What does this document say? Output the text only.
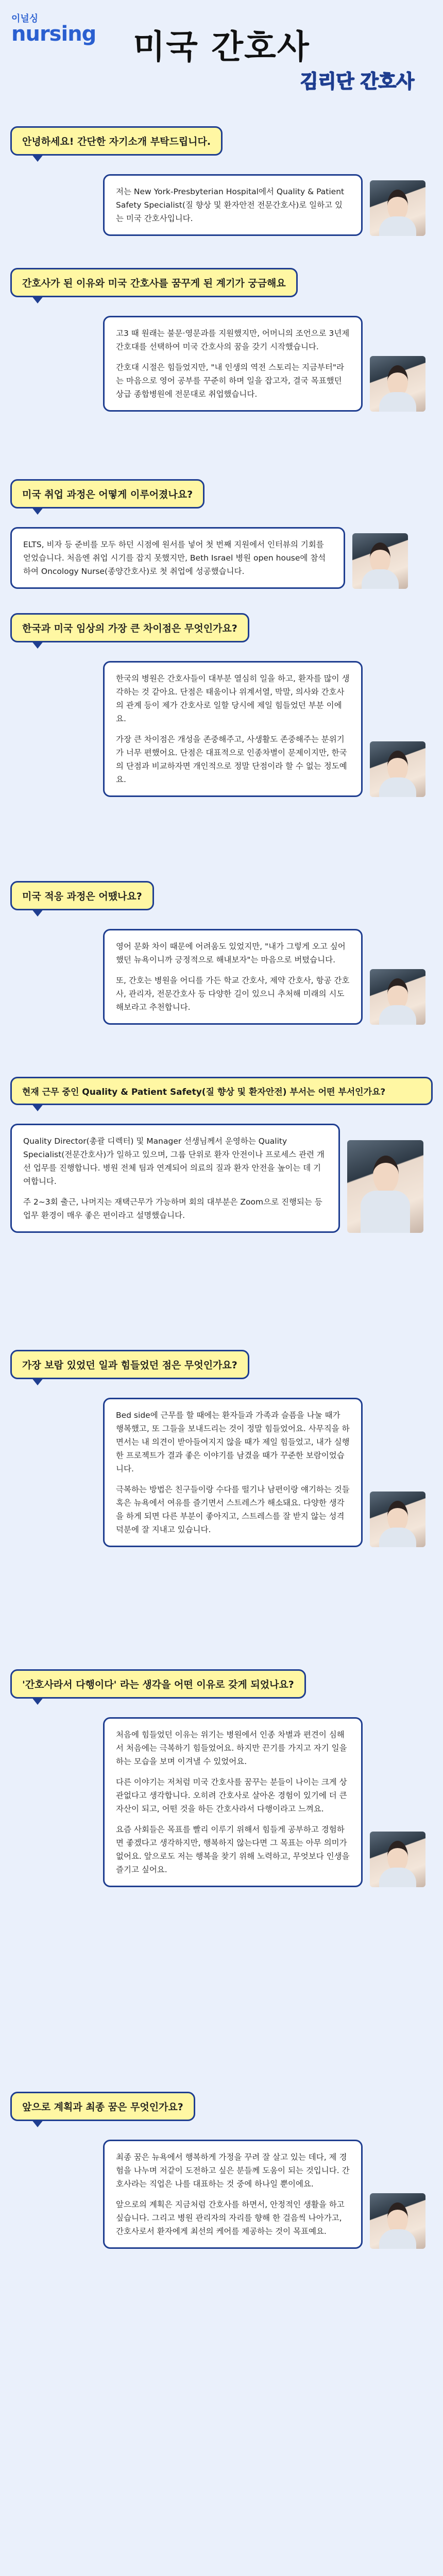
이널싱
nursing	미국 간호사
김리단 간호사
안녕하세요! 간단한 자기소개 부탁드립니다.

저는 New York-Presbyterian Hospital에서 Quality & Patient Safety Specialist(질 향상 및 환자안전 전문간호사)로 일하고 있는 미국 간호사입니다.

간호사가 된 이유와 미국 간호사를 꿈꾸게 된 계기가 궁금해요

고3 때 원래는 불문·영문과를 지원했지만, 어머니의 조언으로 3년제 간호대를 선택하여 미국 간호사의 꿈을 갖기 시작했습니다.

간호대 시절은 힘들었지만, "내 인생의 역전 스토리는 지금부터"라는 마음으로 영어 공부를 꾸준히 하며 일을 잡고자, 결국 목표했던 상급 종합병원에 전문대로 취업했습니다.

미국 취업 과정은 어떻게 이루어졌나요?

ELTS, 비자 등 준비를 모두 하던 시점에 원서를 넣어 첫 번째 지원에서 인터뷰의 기회를 얻었습니다. 처음엔 취업 시기를 잡지 못했지만, Beth Israel 병원 open house에 참석하여 Oncology Nurse(종양간호사)로 첫 취업에 성공했습니다.

한국과 미국 임상의 가장 큰 차이점은 무엇인가요?

한국의 병원은 간호사들이 대부분 열심히 일을 하고, 환자를 많이 생각하는 것 같아요. 단점은 태움이나 위계서열, 막말, 의사와 간호사의 관계 등이 제가 간호사로 일할 당시에 제일 힘들었던 부분 이에요.

가장 큰 차이점은 개성을 존중해주고, 사생활도 존중해주는 분위기가 너무 편했어요. 단점은 대표적으로 인종차별이 문제이지만, 한국의 단점과 비교하자면 개인적으로 정말 단점이라 할 수 없는 정도예요.

미국 적응 과정은 어땠나요?

영어 문화 차이 때문에 어려움도 있었지만, "내가 그렇게 오고 싶어 했던 뉴욕이니까 긍정적으로 해내보자"는 마음으로 버텼습니다.

또, 간호는 병원을 어디를 가든 학교 간호사, 제약 간호사, 항공 간호사, 관리자, 전문간호사 등 다양한 길이 있으니 추처해 미래의 시도해보라고 추천합니다.

현재 근무 중인 Quality & Patient Safety(질 향상 및 환자안전) 부서는 어떤 부서인가요?

Quality Director(총괄 디렉터) 및 Manager 선생님께서 운영하는 Quality Specialist(전문간호사)가 일하고 있으며, 그룹 단위로 환자 안전이나 프로세스 관련 개선 업무를 진행합니다. 병원 전체 팀과 연계되어 의료의 질과 환자 안전을 높이는 데 기여합니다.

주 2~3회 출근, 나머지는 재택근무가 가능하며 회의 대부분은 Zoom으로 진행되는 등 업무 환경이 매우 좋은 편이라고 설명했습니다.

가장 보람 있었던 일과 힘들었던 점은 무엇인가요?

Bed side에 근무를 할 때에는 환자들과 가족과 슬픔을 나눌 때가 행복했고, 또 그들을 보내드리는 것이 정말 힘들었어요. 사무직을 하면서는 내 의견이 받아들여지지 않을 때가 제일 힘들었고, 내가 실행한 프로젝트가 결과 좋은 이야기를 남겼을 때가 꾸준한 보람이었습니다.

극복하는 방법은 친구들이랑 수다를 떨기나 남편이랑 얘기하는 것들 혹은 뉴욕에서 여유를 즐기면서 스트레스가 해소돼요. 다양한 생각을 하게 되면 다른 부분이 좋아지고, 스트레스를 잘 받지 않는 성격 덕분에 잘 지내고 있습니다.

'간호사라서 다행이다' 라는 생각을 어떤 이유로 갖게 되었나요?

처음에 힘들었던 이유는 위기는 병원에서 인종 차별과 편견이 심해서 처음에는 극복하기 힘들었어요. 하지만 끈기를 가지고 자기 일을 하는 모습을 보며 이겨낼 수 있었어요.

다른 이야기는 저처럼 미국 간호사를 꿈꾸는 분들이 나이는 크게 상관없다고 생각합니다. 오히려 간호사로 살아온 경험이 있기에 더 큰 자산이 되고, 어떤 것을 하든 간호사라서 다행이라고 느껴요.

요즘 사회들은 목표를 빨리 이루기 위해서 힘들게 공부하고 경험하면 좋겠다고 생각하지만, 행복하지 않는다면 그 목표는 아무 의미가 없어요. 앞으로도 저는 행복을 찾기 위해 노력하고, 무엇보다 인생을 즐기고 싶어요.

앞으로 계획과 최종 꿈은 무엇인가요?

최종 꿈은 뉴욕에서 행복하게 가정을 꾸려 잘 살고 있는 데다, 제 경험을 나누며 저같이 도전하고 싶은 분들께 도움이 되는 것입니다. 간호사라는 직업은 나를 대표하는 것 중에 하나일 뿐이에요.

앞으로의 계획은 지금처럼 간호사를 하면서, 안정적인 생활을 하고 싶습니다. 그리고 병원 관리자의 자리를 향해 한 걸음씩 나아가고, 간호사로서 환자에게 최선의 케어를 제공하는 것이 목표예요.
